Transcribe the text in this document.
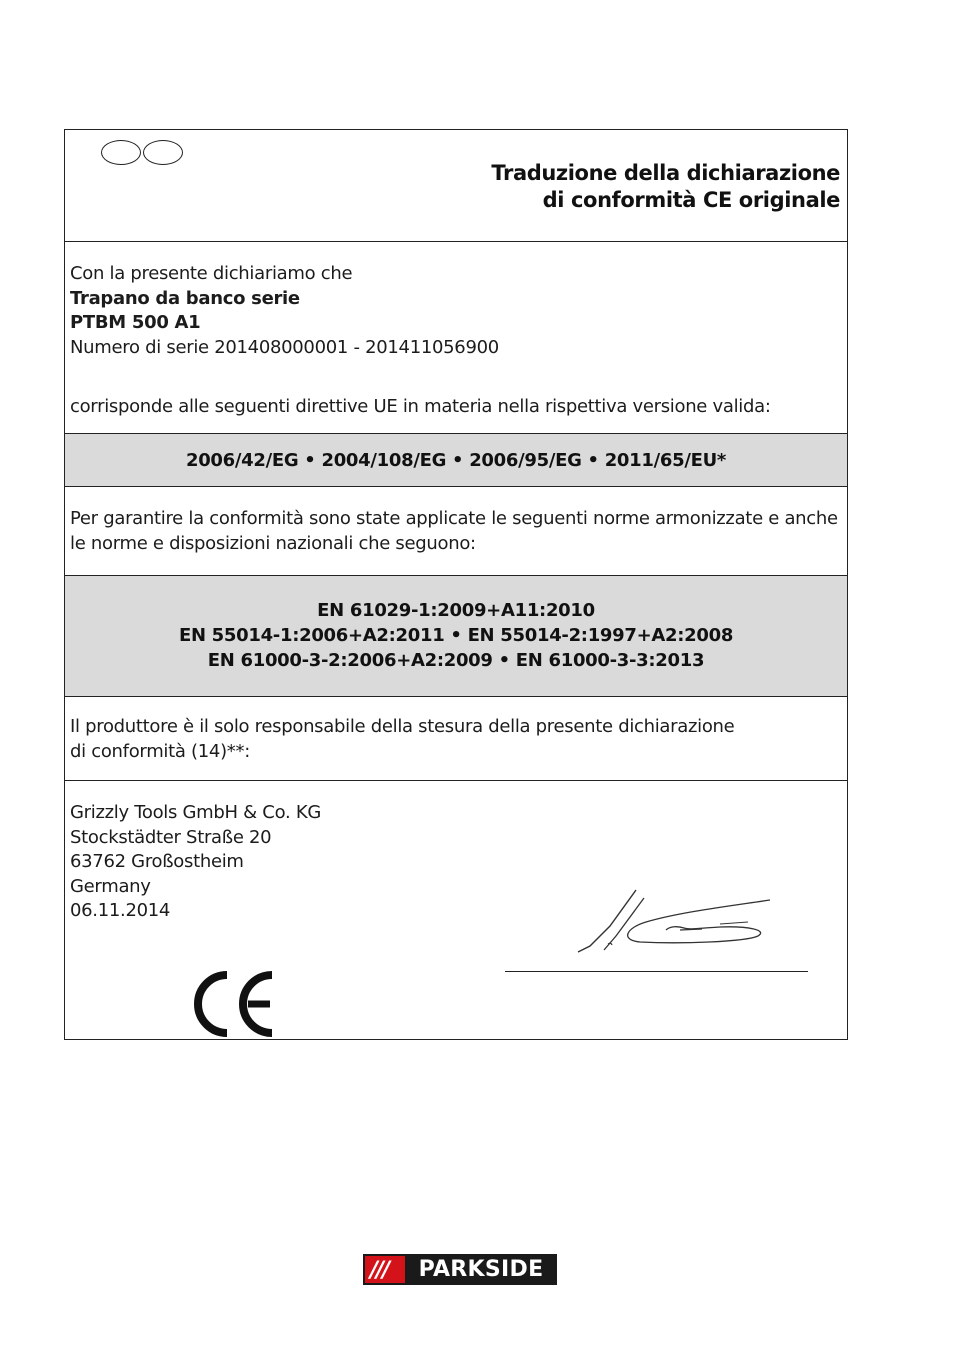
Traduzione della dichiarazione
di conformità CE originale
Con la presente dichiariamo che
Trapano da banco serie
PTBM 500 A1
Numero di serie 201408000001 - 201411056900
corrisponde alle seguenti direttive UE in materia nella rispettiva versione valida:
2006/42/EG • 2004/108/EG • 2006/95/EG • 2011/65/EU*
Per garantire la conformità sono state applicate le seguenti norme armonizzate e anche
le norme e disposizioni nazionali che seguono:
EN 61029-1:2009+A11:2010
EN 55014-1:2006+A2:2011 • EN 55014-2:1997+A2:2008
EN 61000-3-2:2006+A2:2009 • EN 61000-3-3:2013
Il produttore è il solo responsabile della stesura della presente dichiarazione
di conformità (14)**:
Grizzly Tools GmbH & Co. KG
Stockstädter Straße 20
63762 Großostheim
Germany
06.11.2014
///	PARKSIDE
